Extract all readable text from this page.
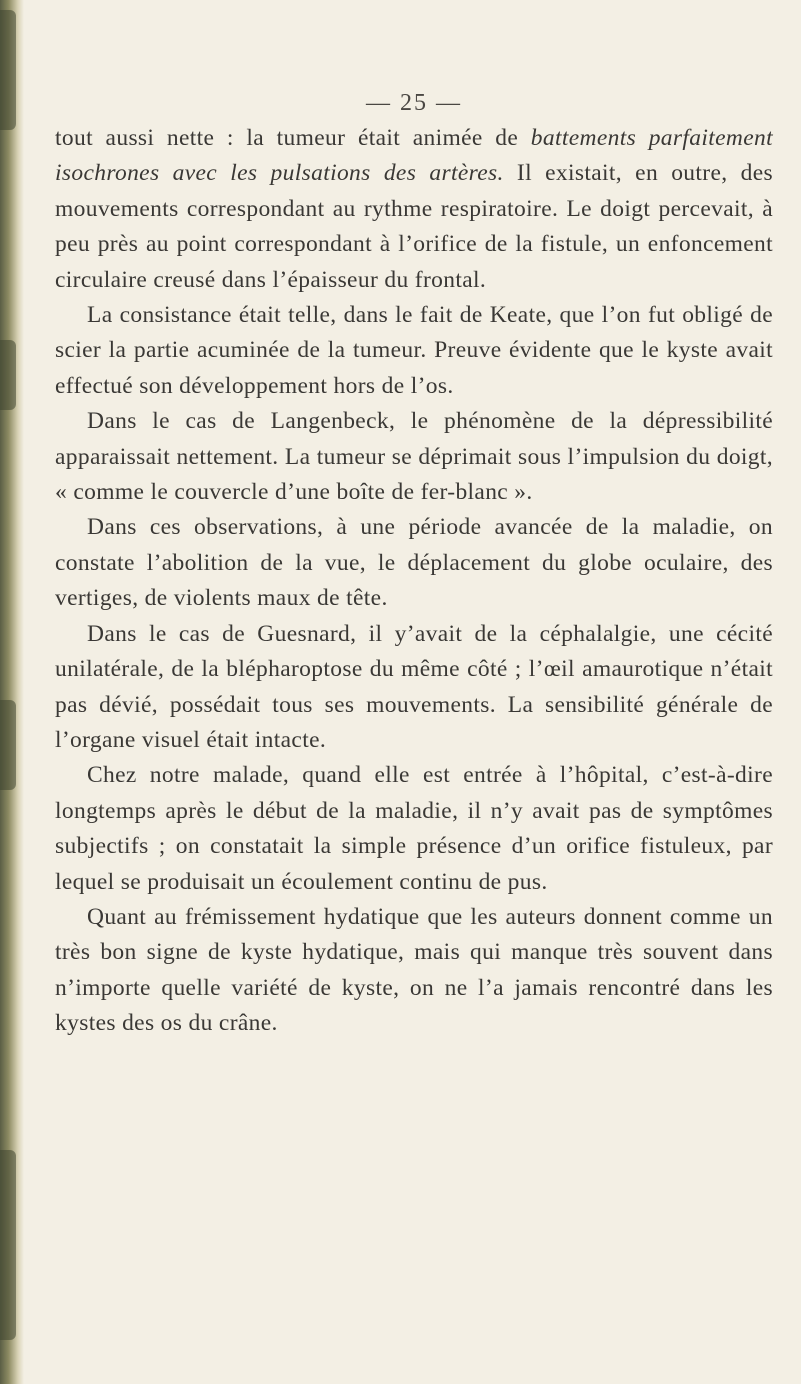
— 25 —

tout aussi nette : la tumeur était animée de battements parfaitement isochrones avec les pulsations des artères. Il existait, en outre, des mouvements correspondant au rythme respiratoire. Le doigt percevait, à peu près au point correspondant à l’orifice de la fistule, un enfoncement circulaire creusé dans l’épaisseur du frontal.

La consistance était telle, dans le fait de Keate, que l’on fut obligé de scier la partie acuminée de la tumeur. Preuve évidente que le kyste avait effectué son développement hors de l’os.

Dans le cas de Langenbeck, le phénomène de la dépressibilité apparaissait nettement. La tumeur se déprimait sous l’impulsion du doigt, « comme le couvercle d’une boîte de fer-blanc ».

Dans ces observations, à une période avancée de la maladie, on constate l’abolition de la vue, le déplacement du globe oculaire, des vertiges, de violents maux de tête.

Dans le cas de Guesnard, il y’avait de la céphalalgie, une cécité unilatérale, de la blépharoptose du même côté ; l’œil amaurotique n’était pas dévié, possédait tous ses mouvements. La sensibilité générale de l’organe visuel était intacte.

Chez notre malade, quand elle est entrée à l’hôpital, c’est-à-dire longtemps après le début de la maladie, il n’y avait pas de symptômes subjectifs ; on constatait la simple présence d’un orifice fistuleux, par lequel se produisait un écoulement continu de pus.

Quant au frémissement hydatique que les auteurs donnent comme un très bon signe de kyste hydatique, mais qui manque très souvent dans n’importe quelle variété de kyste, on ne l’a jamais rencontré dans les kystes des os du crâne.
